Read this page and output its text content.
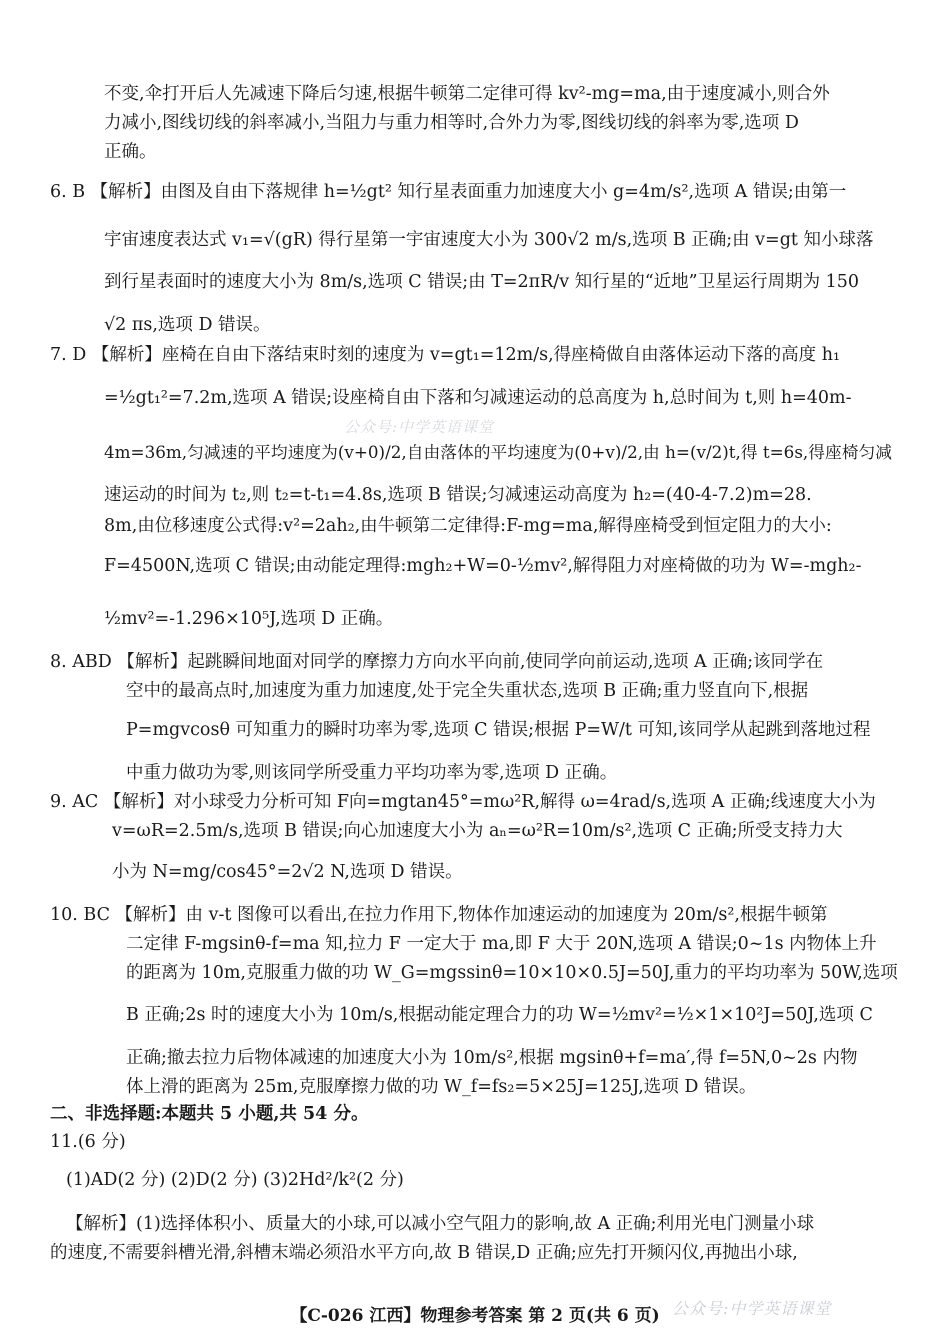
不变,伞打开后人先减速下降后匀速,根据牛顿第二定律可得 kv²-mg=ma,由于速度减小,则合外
力减小,图线切线的斜率减小,当阻力与重力相等时,合外力为零,图线切线的斜率为零,选项 D
正确。
6. B 【解析】由图及自由下落规律 h=½gt² 知行星表面重力加速度大小 g=4m/s²,选项 A 错误;由第一
宇宙速度表达式 v₁=√(gR) 得行星第一宇宙速度大小为 300√2 m/s,选项 B 正确;由 v=gt 知小球落
到行星表面时的速度大小为 8m/s,选项 C 错误;由 T=2πR/v 知行星的“近地”卫星运行周期为 150
√2 πs,选项 D 错误。
7. D 【解析】座椅在自由下落结束时刻的速度为 v=gt₁=12m/s,得座椅做自由落体运动下落的高度 h₁
=½gt₁²=7.2m,选项 A 错误;设座椅自由下落和匀减速运动的总高度为 h,总时间为 t,则 h=40m-
4m=36m,匀减速的平均速度为(v+0)/2,自由落体的平均速度为(0+v)/2,由 h=(v/2)t,得 t=6s,得座椅匀减
速运动的时间为 t₂,则 t₂=t-t₁=4.8s,选项 B 错误;匀减速运动高度为 h₂=(40-4-7.2)m=28.
8m,由位移速度公式得:v²=2ah₂,由牛顿第二定律得:F-mg=ma,解得座椅受到恒定阻力的大小:
F=4500N,选项 C 错误;由动能定理得:mgh₂+W=0-½mv²,解得阻力对座椅做的功为 W=-mgh₂-
½mv²=-1.296×10⁵J,选项 D 正确。
8. ABD 【解析】起跳瞬间地面对同学的摩擦力方向水平向前,使同学向前运动,选项 A 正确;该同学在
空中的最高点时,加速度为重力加速度,处于完全失重状态,选项 B 正确;重力竖直向下,根据
P=mgvcosθ 可知重力的瞬时功率为零,选项 C 错误;根据 P=W/t 可知,该同学从起跳到落地过程
中重力做功为零,则该同学所受重力平均功率为零,选项 D 正确。
9. AC 【解析】对小球受力分析可知 F向=mgtan45°=mω²R,解得 ω=4rad/s,选项 A 正确;线速度大小为
v=ωR=2.5m/s,选项 B 错误;向心加速度大小为 aₙ=ω²R=10m/s²,选项 C 正确;所受支持力大
小为 N=mg/cos45°=2√2 N,选项 D 错误。
10. BC 【解析】由 v-t 图像可以看出,在拉力作用下,物体作加速运动的加速度为 20m/s²,根据牛顿第
二定律 F-mgsinθ-f=ma 知,拉力 F 一定大于 ma,即 F 大于 20N,选项 A 错误;0~1s 内物体上升
的距离为 10m,克服重力做的功 W_G=mgssinθ=10×10×0.5J=50J,重力的平均功率为 50W,选项
B 正确;2s 时的速度大小为 10m/s,根据动能定理合力的功 W=½mv²=½×1×10²J=50J,选项 C
正确;撤去拉力后物体减速的加速度大小为 10m/s²,根据 mgsinθ+f=ma′,得 f=5N,0~2s 内物
体上滑的距离为 25m,克服摩擦力做的功 W_f=fs₂=5×25J=125J,选项 D 错误。
二、非选择题:本题共 5 小题,共 54 分。
11.(6 分)
(1)AD(2 分) (2)D(2 分) (3)2Hd²/k²(2 分)
【解析】(1)选择体积小、质量大的小球,可以减小空气阻力的影响,故 A 正确;利用光电门测量小球
的速度,不需要斜槽光滑,斜槽末端必须沿水平方向,故 B 错误,D 正确;应先打开频闪仪,再抛出小球,
公众号:中学英语课堂
【C-026 江西】物理参考答案 第 2 页(共 6 页) 公众号:中学英语课堂
